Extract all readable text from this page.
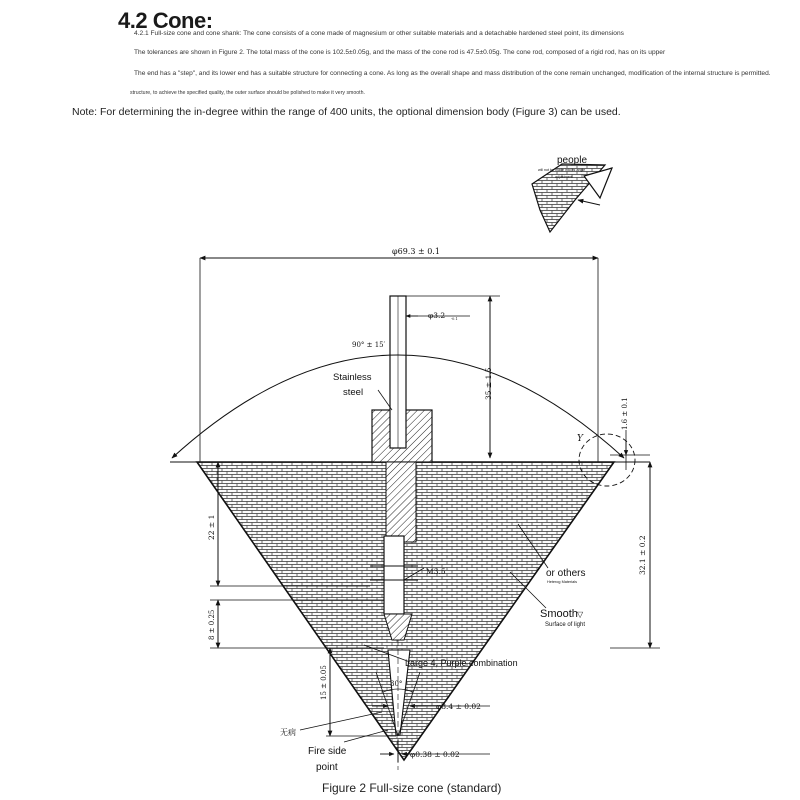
4.2 Cone:
4.2.1 Full-size cone and cone shank: The cone consists of a cone made of magnesium or other suitable materials and a detachable hardened steel point, its dimensions
The tolerances are shown in Figure 2. The total mass of the cone is 102.5±0.05g, and the mass of the cone rod is 47.5±0.05g. The cone rod, composed of a rigid rod, has on its upper
The end has a "step", and its lower end has a suitable structure for connecting a cone. As long as the overall shape and mass distribution of the cone remain unchanged, modification of the internal structure is permitted.
structure, to achieve the specified quality, the outer surface should be polished to make it very smooth.
Note: For determining the in-degree within the range of 400 units, the optional dimension body (Figure 3) can be used.
people
will not be made into its angle
adjustment
90° ± 15′
Y
φ69.3 ± 0.1
φ3.2 -0.1
35 ± 1.5
1.6 ± 0.1
32.1 ± 0.2
22 ± 1
8 ± 0.25
15 ± 0.05	30°
φ8.4 ± 0.02
φ0.38 ± 0.02
M3.5
Stainless
steel
or others
Heterog Materials
Smooth ▽
Surface of light
Large 4, Purple combination
无病
Fire side
point
Figure 2 Full-size cone (standard)
